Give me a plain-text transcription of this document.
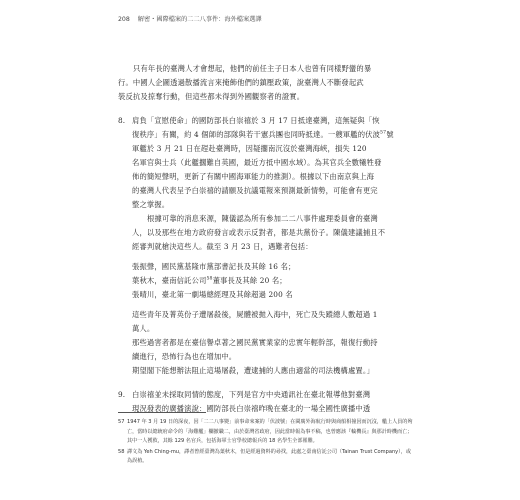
208 解密・國際檔案的二二八事件：海外檔案選譯

只有年長的臺灣人才會想起，他們的前任主子日本人也曾有同樣野蠻的暴

行。中國人企圖透過散播流言來掩飾他們的鎮壓政策，說臺灣人不斷發起武

裝反抗及掠奪行動，但這些都未得到外國觀察者的證實。

8. 肩負「宣慰使命」的國防部長白崇禧於 3 月 17 日抵達臺灣，這無疑與「恢

復秩序」有關，約 4 個師的部隊與若干憲兵團也同時抵達。一艘軍艦的伏波$^{57}$號

軍艦於 3 月 21 日在趕赴臺灣時，因疑擱南沉沒於臺灣海峽，損失 120

名軍官與士兵（此艦擱難自英國，最近方抵中國水域）。為其官兵全數犧牲發

佈的簡短聲明，更新了有關中國海軍能力的推測）。根據以下由南京與上海

的臺灣人代表呈予白崇禧的請願及抗議電報來預測最新情勢，可能會有更完

整之掌握。

根據可靠的消息來源，陳儀認為所有參加二二八事件處理委員會的臺灣

人，以及那些在地方政府發言或表示反對者，都是共黨份子。陳儀建議捕且不

經審判就槍決這些人。截至 3 月 23 日，遇難者包括：

張振聲，國民黨基隆市黨部書記長及其餘 16 名；

葉秋木，臺南信託公司$^{58}$董事長及其餘 20 名；

張晴川，臺北第一劇場總經理及其餘超過 200 名

這些青年及菁英份子遭屠殺後，屍體被拋入海中，死亡及失蹤總人數超過 1

萬人。

那些過害者都是在臺信譽卓著之國民黨實業家的忠實年輕幹部，報復行動持

續進行，恐怖行為也在增加中。

期望閣下能想辦法阻止這場屠殺，遭逮捕的人應由適當的司法機構處置。」

9. 白崇禧並未採取同情的態度，下列是官方中央通訊社在臺北報導他對臺灣

現況發表的廣播演說：國防部長白崇禧昨晚在臺北的一場全國性廣播中透

57 1947 年 3 月 19 日的深夜，因「二二八事變」前事命來案的「伏波號」在閩廣外海航行時與商船相撞因而沉沒，艦上人員的殉亡，當時以總統府命令的「海難艦」欄撤職二，由於臺灣省政府，因此當時報為事不稿，也曾應該『輪機長』與那計時機而亡；其中一人獲救，其餘 129 名官兵，包括海軍士官學校總報兵的 18 名學生全部罹難。

58 譯文為 Yeh Ching-mu，譯者曾經臺灣為葉秋木，但是經過資料的尋找，此處之臺南信託公司（Tainan Trust Company），或為誤植。
